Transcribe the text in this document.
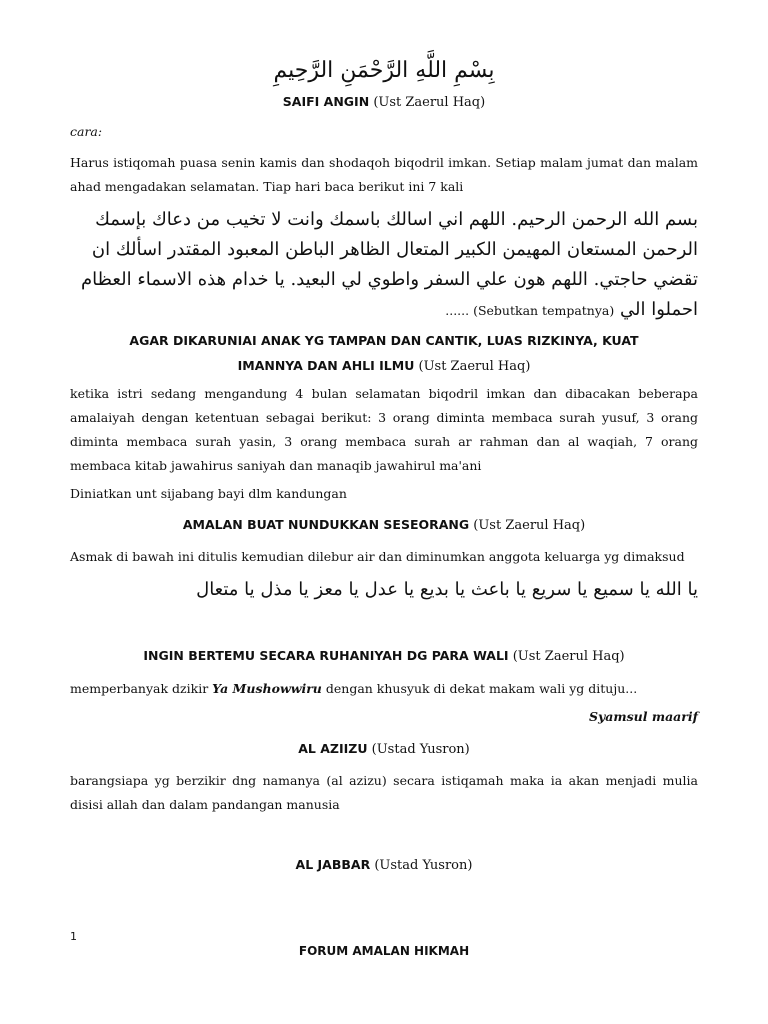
بِسْمِ اللَّهِ الرَّحْمَنِ الرَّحِيمِ
SAIFI ANGIN (Ust Zaerul Haq)
cara:
Harus istiqomah puasa senin kamis dan shodaqoh biqodril imkan. Setiap malam jumat dan malam ahad mengadakan selamatan. Tiap hari baca berikut ini 7 kali
بسم الله الرحمن الرحيم. اللهم اني اسالك باسمك وانت لا تخيب من دعاك بإسمك الرحمن المستعان المهيمن الكبير المتعال الظاهر الباطن المعبود المقتدر اسألك ان تقضي حاجتي. اللهم هون علي السفر واطوي لي البعيد. يا خدام هذه الاسماء العظام احملوا الي ...... (Sebutkan tempatnya)
AGAR DIKARUNIAI ANAK YG TAMPAN DAN CANTIK, LUAS RIZKINYA, KUAT
IMANNYA DAN AHLI ILMU (Ust Zaerul Haq)
ketika istri sedang mengandung 4 bulan selamatan biqodril imkan dan dibacakan beberapa amalaiyah dengan ketentuan sebagai berikut: 3 orang diminta membaca surah yusuf, 3 orang diminta membaca surah yasin, 3 orang membaca surah ar rahman dan al waqiah, 7 orang membaca kitab jawahirus saniyah dan manaqib jawahirul ma'ani
Diniatkan unt sijabang bayi dlm kandungan
AMALAN BUAT NUNDUKKAN SESEORANG (Ust Zaerul Haq)
Asmak di bawah ini ditulis kemudian dilebur air dan diminumkan anggota keluarga yg dimaksud
يا الله يا سميع يا سريع يا باعث يا بديع يا عدل يا معز يا مذل يا متعال
INGIN BERTEMU SECARA RUHANIYAH DG PARA WALI (Ust Zaerul Haq)
memperbanyak dzikir Ya Mushowwiru dengan khusyuk di dekat makam wali yg dituju...
Syamsul maarif
AL AZIIZU (Ustad Yusron)
barangsiapa yg berzikir dng namanya (al azizu) secara istiqamah maka ia akan menjadi mulia disisi allah dan dalam pandangan manusia
AL JABBAR (Ustad Yusron)
1
FORUM AMALAN HIKMAH
